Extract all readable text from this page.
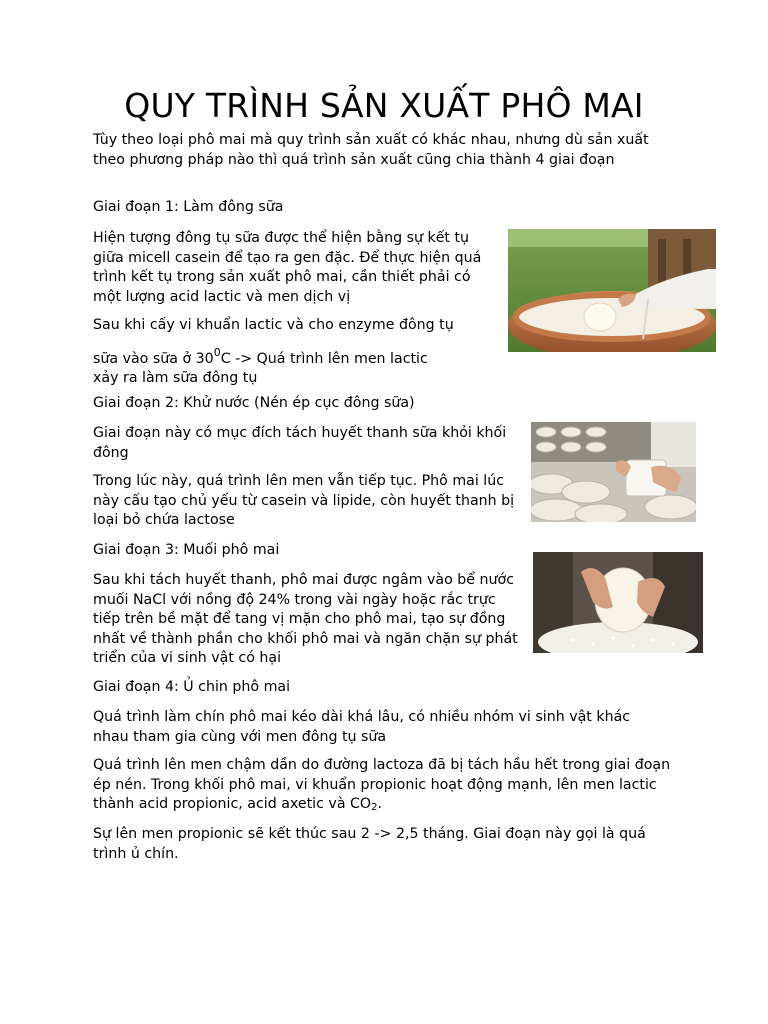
QUY TRÌNH SẢN XUẤT PHÔ MAI

Tùy theo loại phô mai mà quy trình sản xuất có khác nhau, nhưng dù sản xuất theo phương pháp nào thì quá trình sản xuất cũng chia thành 4 giai đoạn

Giai đoạn 1: Làm đông sữa

Hiện tượng đông tụ sữa được thể hiện bằng sự kết tụ giữa micell casein để tạo ra gen đặc. Để thực hiện quá trình kết tụ trong sản xuất phô mai, cần thiết phải có một lượng acid lactic và men dịch vị

Sau khi cấy vi khuẩn lactic và cho enzyme đông tụ
sữa vào sữa ở $30^0C$ -> Quá trình lên men lactic
xảy ra làm sữa đông tụ

Giai đoạn 2: Khử nước (Nén ép cục đông sữa)

Giai đoạn này có mục đích tách huyết thanh sữa khỏi khối đông

Trong lúc này, quá trình lên men vẫn tiếp tục. Phô mai lúc này cấu tạo chủ yếu từ casein và lipide, còn huyết thanh bị loại bỏ chứa lactose

Giai đoạn 3: Muối phô mai

Sau khi tách huyết thanh, phô mai được ngâm vào bể nước muối NaCl với nồng độ 24% trong vài ngày hoặc rắc trực tiếp trên bề mặt để tang vị mặn cho phô mai, tạo sự đồng nhất về thành phần cho khối phô mai và ngăn chặn sự phát triển của vi sinh vật có hại

Giai đoạn 4: Ủ chin phô mai

Quá trình làm chín phô mai kéo dài khá lâu, có nhiều nhóm vi sinh vật khác nhau tham gia cùng với men đông tụ sữa

Quá trình lên men chậm dần do đường lactoza đã bị tách hầu hết trong giai đoạn ép nén. Trong khối phô mai, vi khuẩn propionic hoạt động mạnh, lên men lactic thành acid propionic, acid axetic và $CO_2$.

Sự lên men propionic sẽ kết thúc sau 2 -> 2,5 tháng. Giai đoạn này gọi là quá trình ủ chín.
